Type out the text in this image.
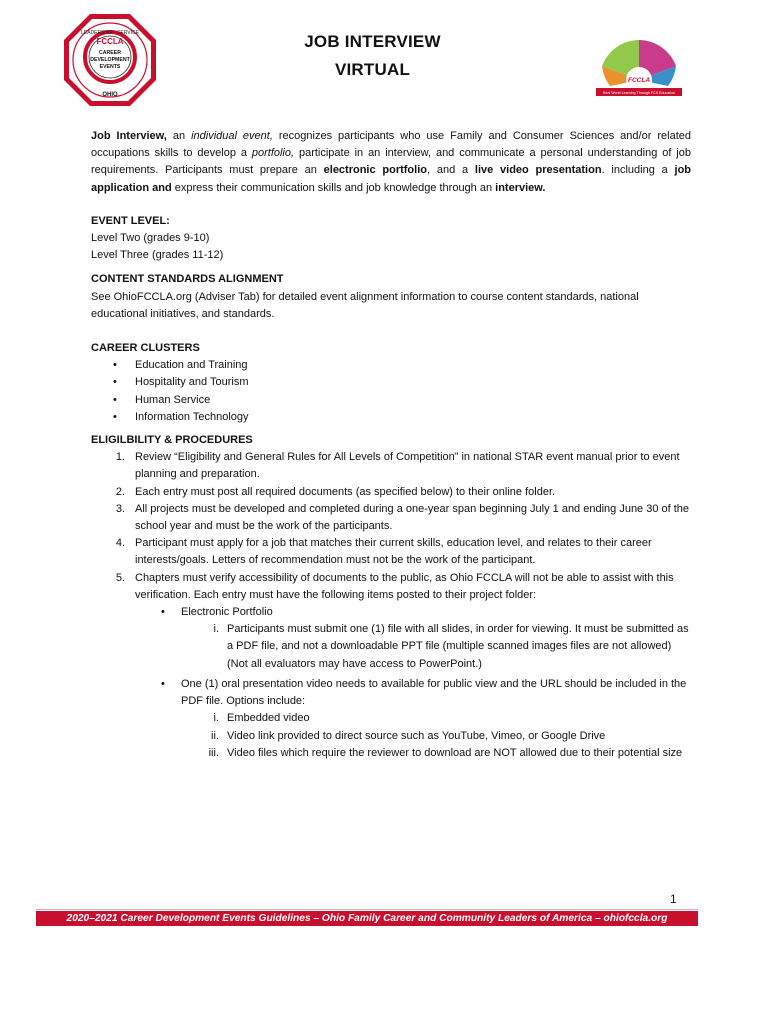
LEADERSHIP · SERVICE
FCCLA
CAREER
DEVELOPMENT
EVENTS
OHIO
JOB INTERVIEW
VIRTUAL
FCCLA
Real World Learning Through FCS Education

Job Interview, an individual event, recognizes participants who use Family and Consumer Sciences and/or related occupations skills to develop a portfolio, participate in an interview, and communicate a personal understanding of job requirements. Participants must prepare an electronic portfolio, and a live video presentation. including a job application and express their communication skills and job knowledge through an interview.

EVENT LEVEL:

Level Two (grades 9-10)

Level Three (grades 11-12)

CONTENT STANDARDS ALIGNMENT

See OhioFCCLA.org (Adviser Tab) for detailed event alignment information to course content standards, national educational initiatives, and standards.

CAREER CLUSTERS

• Education and Training
• Hospitality and Tourism
• Human Service
• Information Technology

ELIGILBILITY & PROCEDURES

1. Review “Eligibility and General Rules for All Levels of Competition” in national STAR event manual prior to event planning and preparation.
2. Each entry must post all required documents (as specified below) to their online folder.
3. All projects must be developed and completed during a one-year span beginning July 1 and ending June 30 of the school year and must be the work of the participants.
4. Participant must apply for a job that matches their current skills, education level, and relates to their career interests/goals. Letters of recommendation must not be the work of the participant.
5. Chapters must verify accessibility of documents to the public, as Ohio FCCLA will not be able to assist with this verification. Each entry must have the following items posted to their project folder:
• Electronic Portfolio
i. Participants must submit one (1) file with all slides, in order for viewing. It must be submitted as a PDF file, and not a downloadable PPT file (multiple scanned images files are not allowed) (Not all evaluators may have access to PowerPoint.)
• One (1) oral presentation video needs to available for public view and the URL should be included in the PDF file. Options include:
i. Embedded video
ii. Video link provided to direct source such as YouTube, Vimeo, or Google Drive
iii. Video files which require the reviewer to download are NOT allowed due to their potential size
1
2020–2021 Career Development Events Guidelines – Ohio Family Career and Community Leaders of America – ohiofccla.org
